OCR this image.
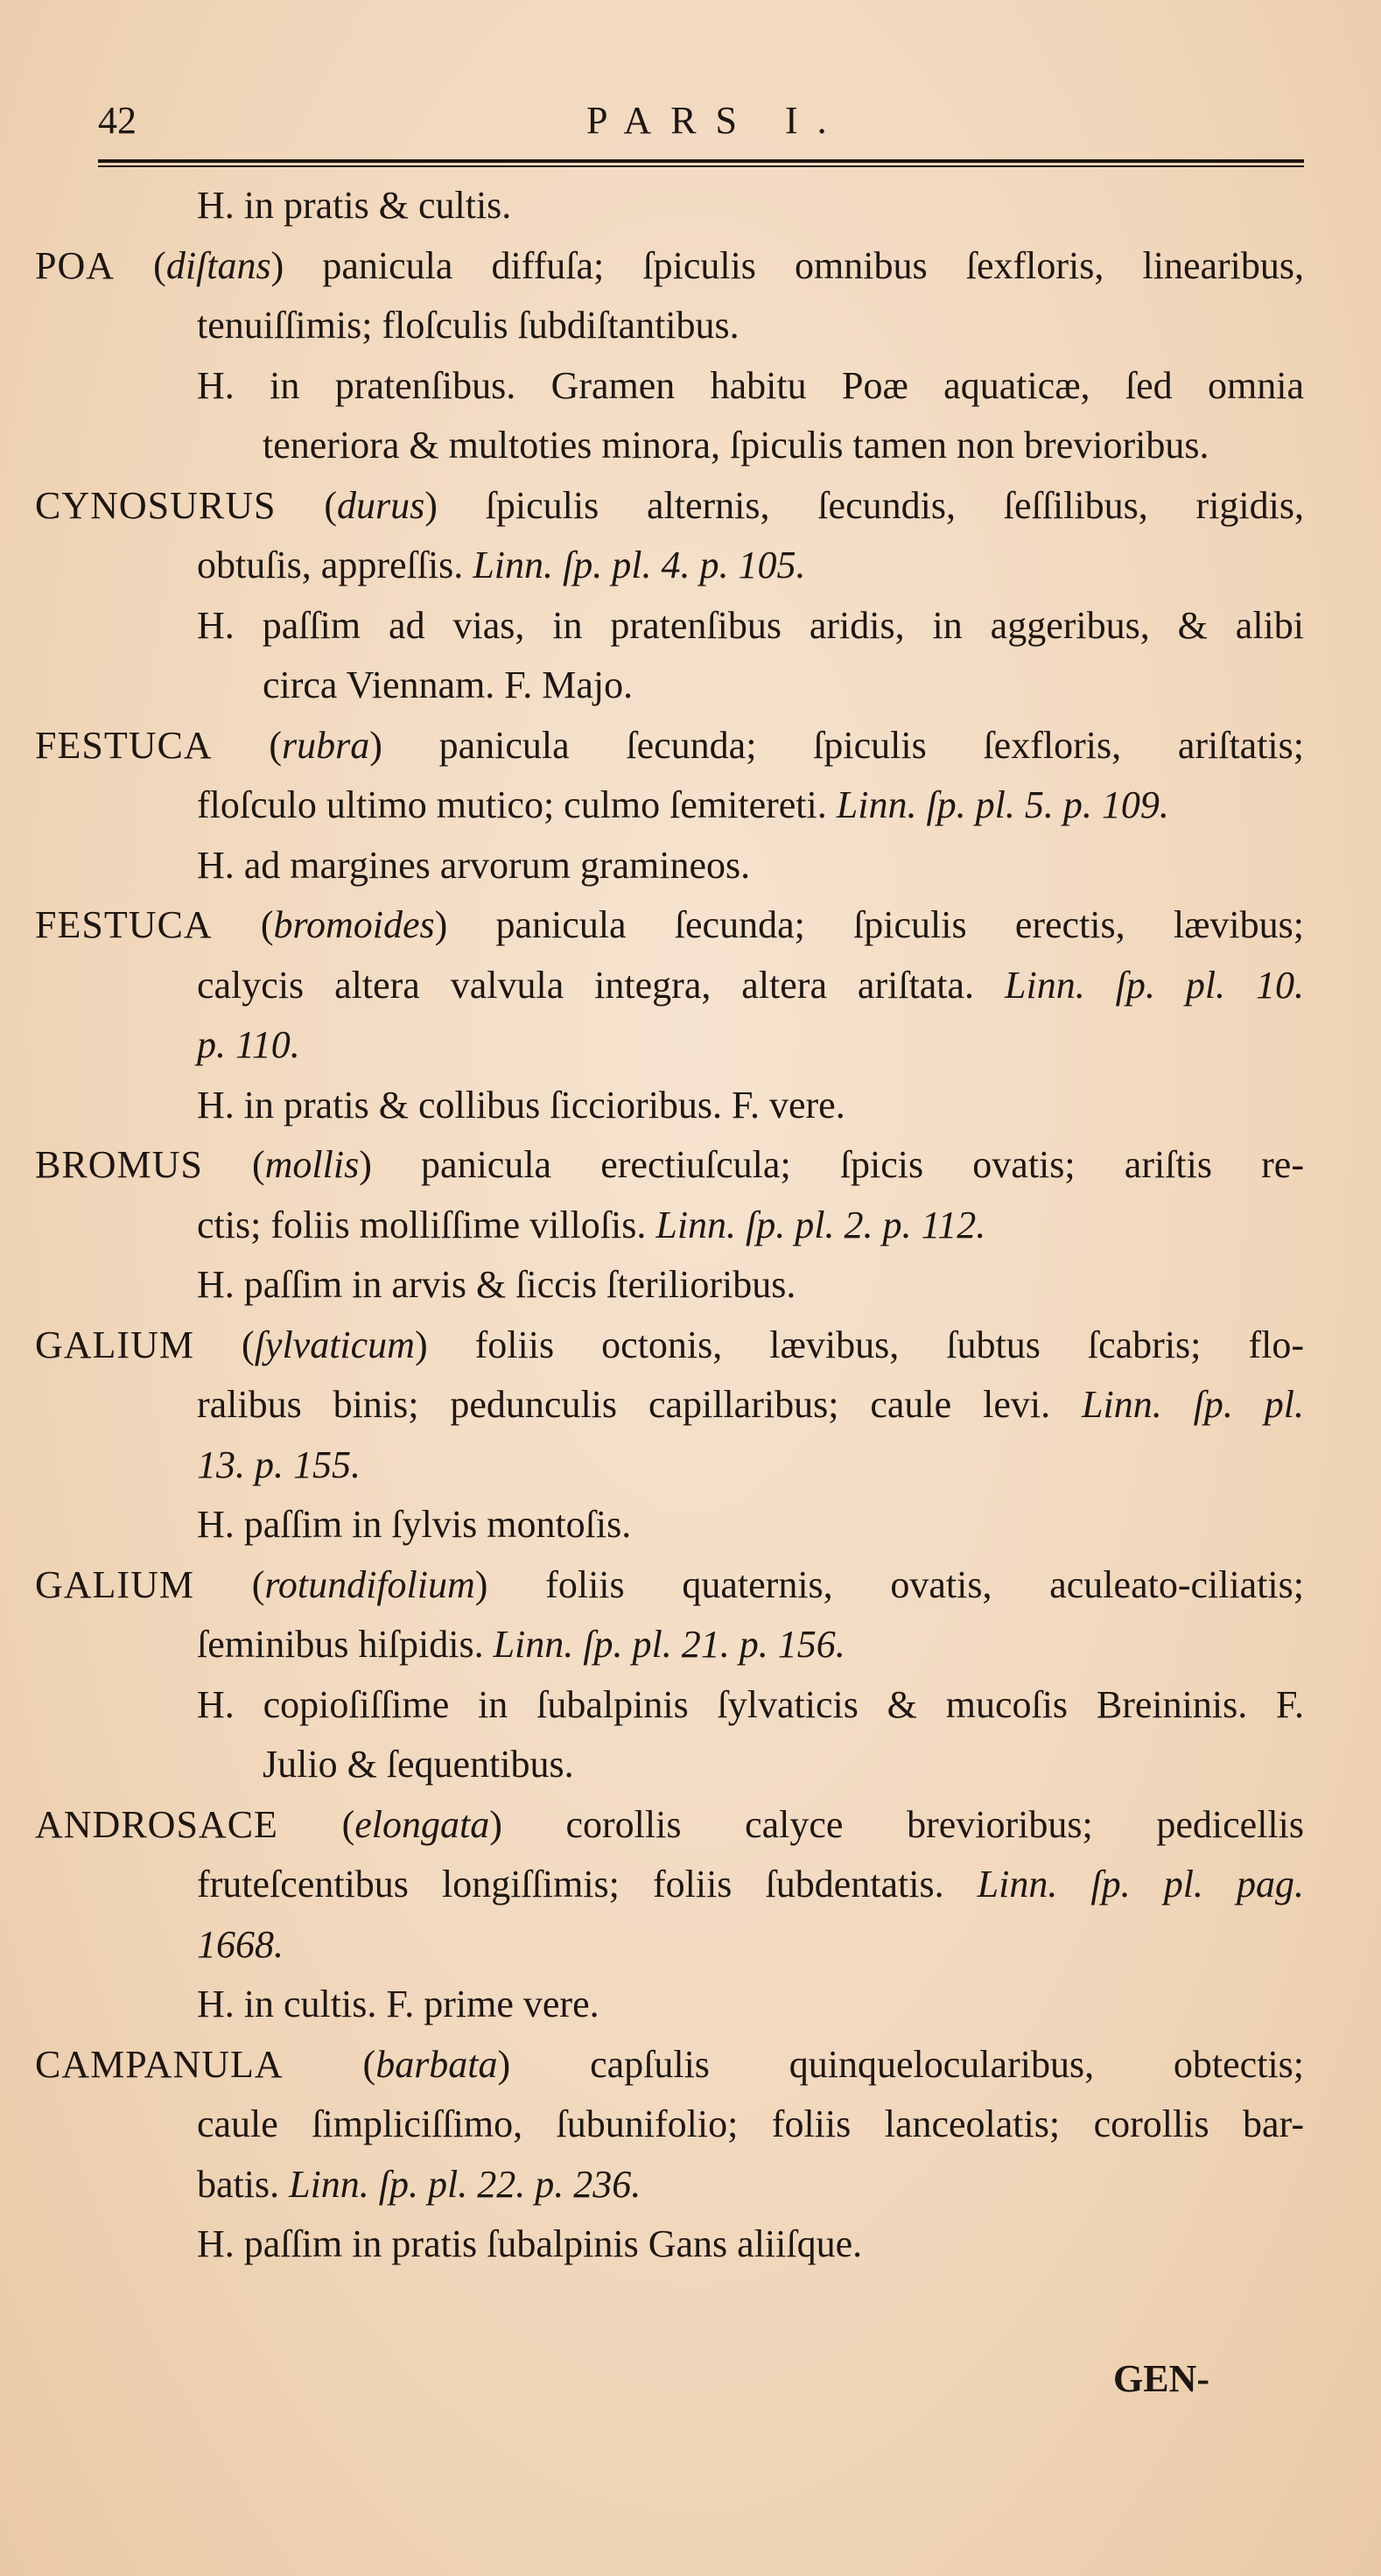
42	PARS I.
H. in pratis & cultis.
POA (diſtans) panicula diffuſa; ſpiculis omnibus ſexfloris, linearibus,
tenuiſſimis; floſculis ſubdiſtantibus.
H. in pratenſibus. Gramen habitu Poæ aquaticæ, ſed omnia
teneriora & multoties minora, ſpiculis tamen non brevioribus.
CYNOSURUS (durus) ſpiculis alternis, ſecundis, ſeſſilibus, rigidis,
obtuſis, appreſſis. Linn. ſp. pl. 4. p. 105.
H. paſſim ad vias, in pratenſibus aridis, in aggeribus, & alibi
circa Viennam. F. Majo.
FESTUCA (rubra) panicula ſecunda; ſpiculis ſexfloris, ariſtatis;
floſculo ultimo mutico; culmo ſemitereti. Linn. ſp. pl. 5. p. 109.
H. ad margines arvorum gramineos.
FESTUCA (bromoides) panicula ſecunda; ſpiculis erectis, lævibus;
calycis altera valvula integra, altera ariſtata. Linn. ſp. pl. 10.
p. 110.
H. in pratis & collibus ſiccioribus. F. vere.
BROMUS (mollis) panicula erectiuſcula; ſpicis ovatis; ariſtis re-
ctis; foliis molliſſime villoſis. Linn. ſp. pl. 2. p. 112.
H. paſſim in arvis & ſiccis ſterilioribus.
GALIUM (ſylvaticum) foliis octonis, lævibus, ſubtus ſcabris; flo-
ralibus binis; pedunculis capillaribus; caule levi. Linn. ſp. pl.
13. p. 155.
H. paſſim in ſylvis montoſis.
GALIUM (rotundifolium) foliis quaternis, ovatis, aculeato-ciliatis;
ſeminibus hiſpidis. Linn. ſp. pl. 21. p. 156.
H. copioſiſſime in ſubalpinis ſylvaticis & mucoſis Breininis. F.
Julio & ſequentibus.
ANDROSACE (elongata) corollis calyce brevioribus; pedicellis
fruteſcentibus longiſſimis; foliis ſubdentatis. Linn. ſp. pl. pag.
1668.
H. in cultis. F. prime vere.
CAMPANULA (barbata) capſulis quinquelocularibus, obtectis;
caule ſimpliciſſimo, ſubunifolio; foliis lanceolatis; corollis bar-
batis. Linn. ſp. pl. 22. p. 236.
H. paſſim in pratis ſubalpinis Gans aliiſque.
GEN-
